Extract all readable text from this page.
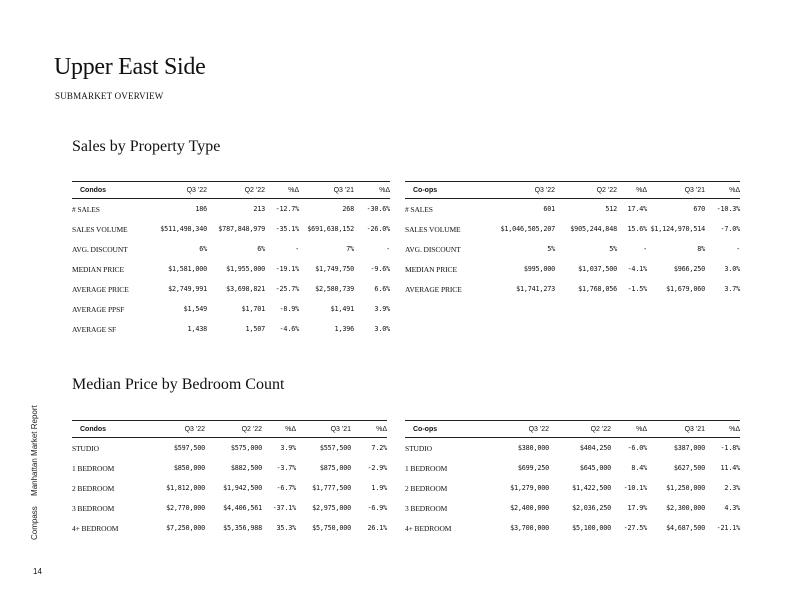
Upper East Side
SUBMARKET OVERVIEW
Sales by Property Type
Condos	Q3 '22	Q2 '22	%Δ	Q3 '21	%Δ
# SALES	186	213	-12.7%	268	-30.6%
SALES VOLUME	$511,498,340	$787,848,979	-35.1%	$691,638,152	-26.0%
AVG. DISCOUNT	6%	6%	-	7%	-
MEDIAN PRICE	$1,581,000	$1,955,000	-19.1%	$1,749,750	-9.6%
AVERAGE PRICE	$2,749,991	$3,698,821	-25.7%	$2,580,739	6.6%
AVERAGE PPSF	$1,549	$1,701	-8.9%	$1,491	3.9%
AVERAGE SF	1,438	1,507	-4.6%	1,396	3.0%
Co-ops	Q3 '22	Q2 '22	%Δ	Q3 '21	%Δ
# SALES	601	512	17.4%	670	-10.3%
SALES VOLUME	$1,046,505,207	$905,244,848	15.6%	$1,124,970,514	-7.0%
AVG. DISCOUNT	5%	5%	-	8%	-
MEDIAN PRICE	$995,000	$1,037,500	-4.1%	$966,250	3.0%
AVERAGE PRICE	$1,741,273	$1,768,056	-1.5%	$1,679,060	3.7%
Median Price by Bedroom Count
Condos	Q3 '22	Q2 '22	%Δ	Q3 '21	%Δ
STUDIO	$597,500	$575,000	3.9%	$557,500	7.2%
1 BEDROOM	$850,000	$882,500	-3.7%	$875,000	-2.9%
2 BEDROOM	$1,812,000	$1,942,500	-6.7%	$1,777,500	1.9%
3 BEDROOM	$2,770,000	$4,406,561	-37.1%	$2,975,000	-6.9%
4+ BEDROOM	$7,250,000	$5,356,988	35.3%	$5,750,000	26.1%
Co-ops	Q3 '22	Q2 '22	%Δ	Q3 '21	%Δ
STUDIO	$380,000	$404,250	-6.0%	$387,000	-1.8%
1 BEDROOM	$699,250	$645,000	8.4%	$627,500	11.4%
2 BEDROOM	$1,279,000	$1,422,500	-10.1%	$1,250,000	2.3%
3 BEDROOM	$2,400,000	$2,036,250	17.9%	$2,300,000	4.3%
4+ BEDROOM	$3,700,000	$5,100,000	-27.5%	$4,687,500	-21.1%
Compass Manhattan Market Report
14
